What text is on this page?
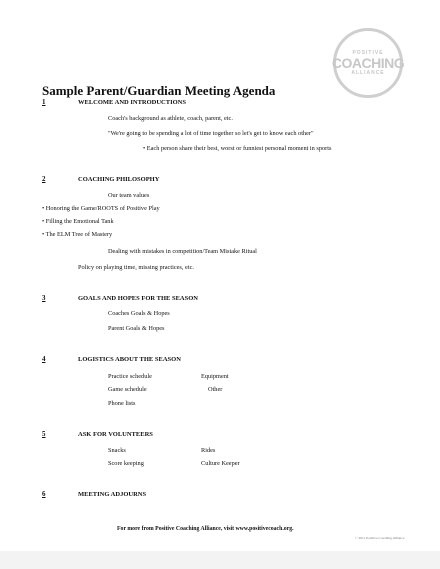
POSITIVE
COACHING
ALLIANCE
Sample Parent/Guardian Meeting Agenda
1	WELCOME AND INTRODUCTIONS
Coach's background as athlete, coach, parent, etc.
"We're going to be spending a lot of time together so let's get to know each other"
• Each person share their best, worst or funniest personal moment in sports
2	COACHING PHILOSOPHY
Our team values
• Honoring the Game/ROOTS of Positive Play
• Filling the Emotional Tank
• The ELM Tree of Mastery
Dealing with mistakes in competition/Team Mistake Ritual
Policy on playing time, missing practices, etc.
3	GOALS AND HOPES FOR THE SEASON
Coaches Goals & Hopes
Parent Goals & Hopes
4	LOGISTICS ABOUT THE SEASON
Practice schedule	Equipment
Game schedule	Other
Phone lists
5	ASK FOR VOLUNTEERS
Snacks	Rides
Score keeping	Culture Keeper
6	MEETING ADJOURNS
For more from Positive Coaching Alliance, visit www.positivecoach.org.
© 2011 Positive Coaching Alliance
